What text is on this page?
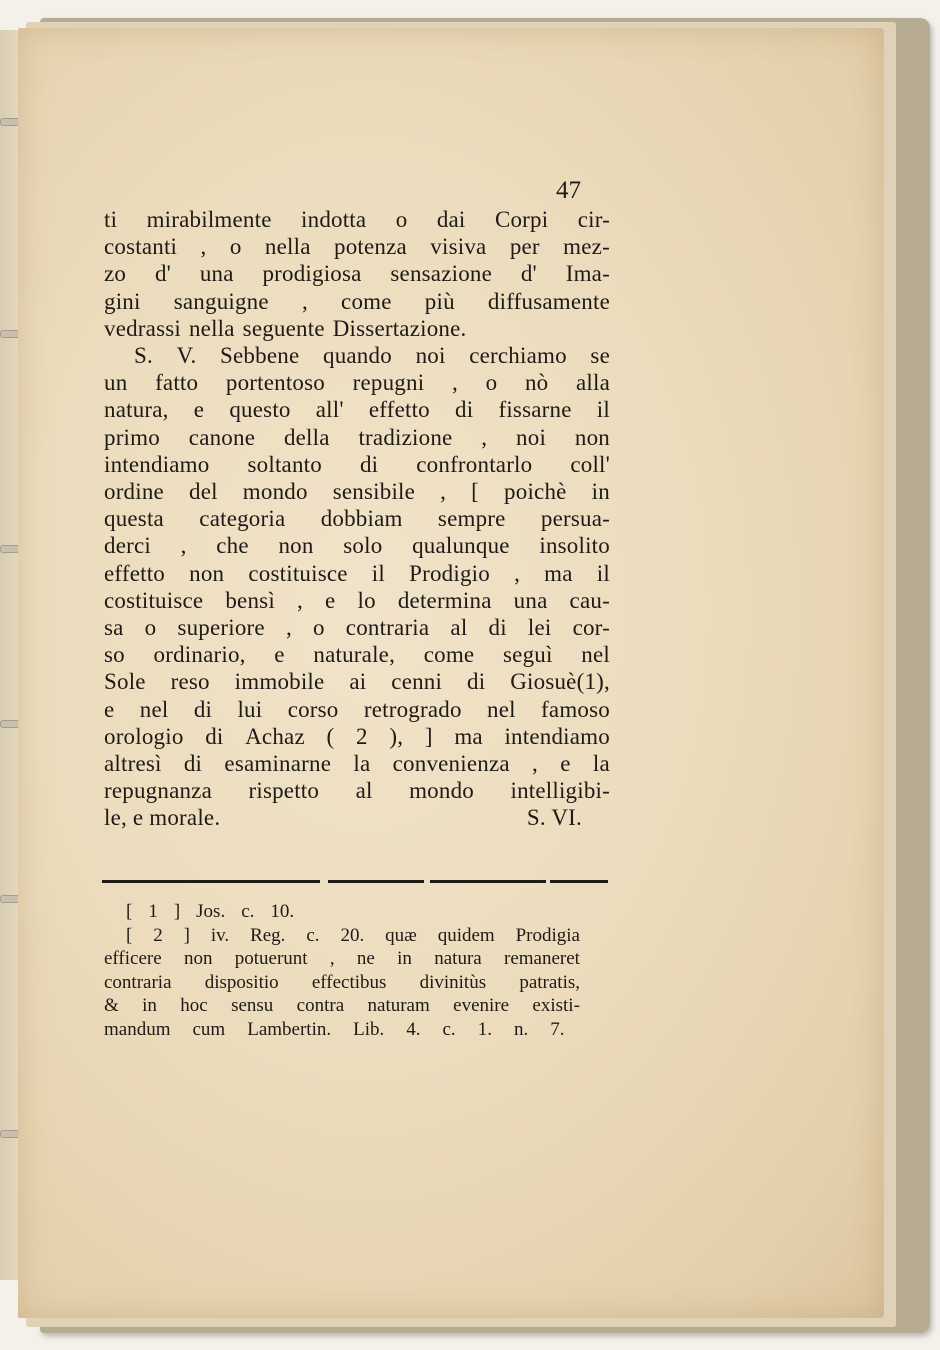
47
ti mirabilmente indotta o dai Corpi cir-
costanti , o nella potenza visiva per mez-
zo d' una prodigiosa sensazione d' Ima-
gini sanguigne , come più diffusamente
vedrassi nella seguente Dissertazione.
S. V. Sebbene quando noi cerchiamo se
un fatto portentoso repugni , o nò alla
natura, e questo all' effetto di fissarne il
primo canone della tradizione , noi non
intendiamo soltanto di confrontarlo coll'
ordine del mondo sensibile , [ poichè in
questa categoria dobbiam sempre persua-
derci , che non solo qualunque insolito
effetto non costituisce il Prodigio , ma il
costituisce bensì , e lo determina una cau-
sa o superiore , o contraria al di lei cor-
so ordinario, e naturale, come seguì nel
Sole reso immobile ai cenni di Giosuè(1),
e nel di lui corso retrogrado nel famoso
orologio di Achaz ( 2 ), ] ma intendiamo
altresì di esaminarne la convenienza , e la
repugnanza rispetto al mondo intelligibi-
le, e morale.	S. VI.
[ 1 ] Jos. c. 10.
[ 2 ] iv. Reg. c. 20. quæ quidem Prodigia
efficere non potuerunt , ne in natura remaneret
contraria dispositio effectibus divinitùs patratis,
& in hoc sensu contra naturam evenire existi-
mandum cum Lambertin. Lib. 4. c. 1. n. 7.
